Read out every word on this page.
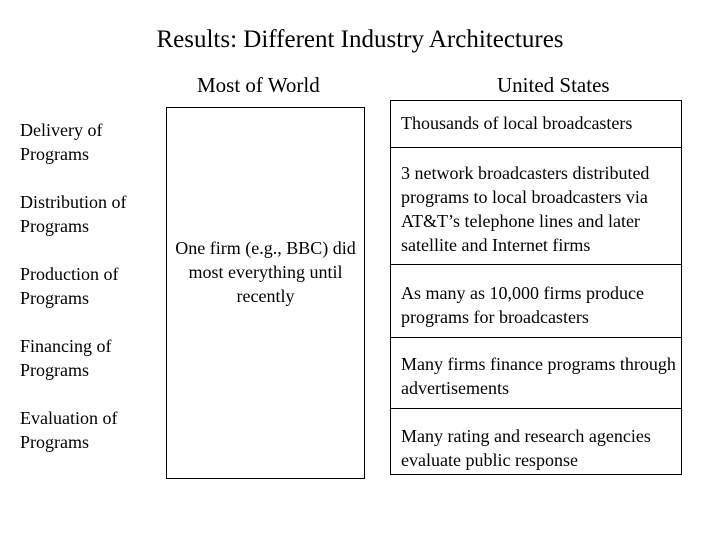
Results: Different Industry Architectures
Most of World	United States
Delivery of Programs
Distribution of Programs
Production of Programs
Financing of Programs
Evaluation of Programs
One firm (e.g., BBC) did most everything until recently
Thousands of local broadcasters
3 network broadcasters distributed programs to local broadcasters via AT&T’s telephone lines and later satellite and Internet firms
As many as 10,000 firms produce programs for broadcasters
Many firms finance programs through advertisements
Many rating and research agencies evaluate public response
